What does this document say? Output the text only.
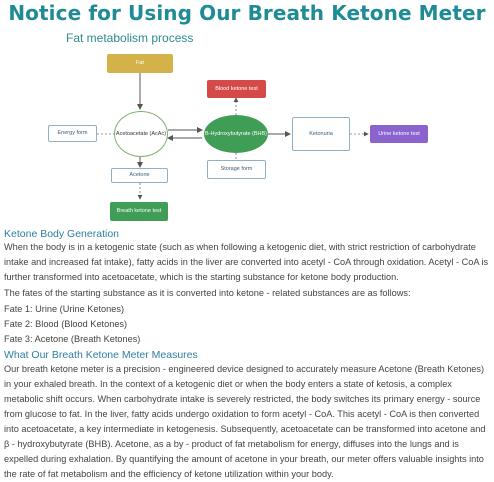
Notice for Using Our Breath Ketone Meter
Fat metabolism process
Fat
Energy form	Acetoacetate (AcAc)	B-Hydroxybutyrate (BHB)	Ketonuria	Urine ketone test
Blood ketone test
Storage form
Acetone
Breath ketone test
Ketone Body Generation

When the body is in a ketogenic state (such as when following a ketogenic diet, with strict restriction of carbohydrate intake and increased fat intake), fatty acids in the liver are converted into acetyl - CoA through oxidation. Acetyl - CoA is further transformed into acetoacetate, which is the starting substance for ketone body production.

The fates of the starting substance as it is converted into ketone - related substances are as follows:

Fate 1: Urine (Urine Ketones)
Fate 2: Blood (Blood Ketones)
Fate 3: Acetone (Breath Ketones)
What Our Breath Ketone Meter Measures

Our breath ketone meter is a precision - engineered device designed to accurately measure Acetone (Breath Ketones) in your exhaled breath. In the context of a ketogenic diet or when the body enters a state of ketosis, a complex metabolic shift occurs. When carbohydrate intake is severely restricted, the body switches its primary energy - source from glucose to fat. In the liver, fatty acids undergo oxidation to form acetyl - CoA. This acetyl - CoA is then converted into acetoacetate, a key intermediate in ketogenesis. Subsequently, acetoacetate can be transformed into acetone and β - hydroxybutyrate (BHB). Acetone, as a by - product of fat metabolism for energy, diffuses into the lungs and is expelled during exhalation. By quantifying the amount of acetone in your breath, our meter offers valuable insights into the rate of fat metabolism and the efficiency of ketone utilization within your body.
